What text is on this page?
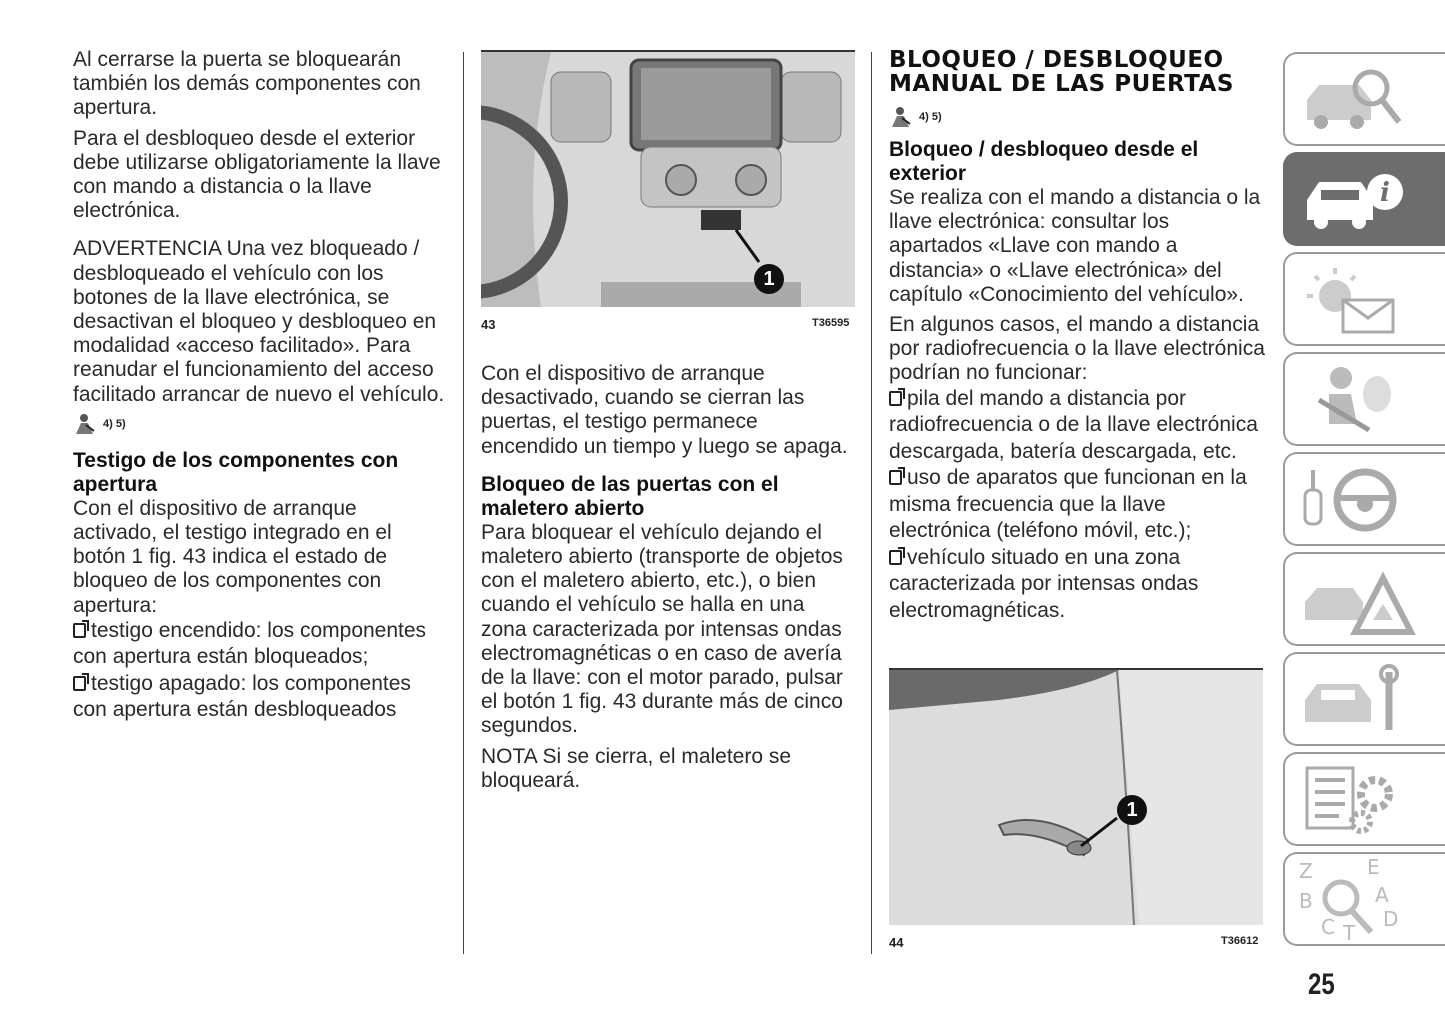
Al cerrarse la puerta se bloquearán también los demás componentes con apertura.

Para el desbloqueo desde el exterior debe utilizarse obligatoriamente la llave con mando a distancia o la llave electrónica.

ADVERTENCIA Una vez bloqueado / desbloqueado el vehículo con los botones de la llave electrónica, se desactivan el bloqueo y desbloqueo en modalidad «acceso facilitado». Para reanudar el funcionamiento del acceso facilitado arrancar de nuevo el vehículo.

4) 5)
Testigo de los componentes con apertura

Con el dispositivo de arranque activado, el testigo integrado en el botón 1 fig. 43 indica el estado de bloqueo de los componentes con apertura:

testigo encendido: los componentes con apertura están bloqueados;

testigo apagado: los componentes con apertura están desbloqueados

1
43	T36595

Con el dispositivo de arranque desactivado, cuando se cierran las puertas, el testigo permanece encendido un tiempo y luego se apaga.

Bloqueo de las puertas con el maletero abierto

Para bloquear el vehículo dejando el maletero abierto (transporte de objetos con el maletero abierto, etc.), o bien cuando el vehículo se halla en una zona caracterizada por intensas ondas electromagnéticas o en caso de avería de la llave: con el motor parado, pulsar el botón 1 fig. 43 durante más de cinco segundos.

NOTA Si se cierra, el maletero se bloqueará.

BLOQUEO / DESBLOQUEO MANUAL DE LAS PUERTAS
4) 5)
Bloqueo / desbloqueo desde el exterior

Se realiza con el mando a distancia o la llave electrónica: consultar los apartados «Llave con mando a distancia» o «Llave electrónica» del capítulo «Conocimiento del vehículo».

En algunos casos, el mando a distancia por radiofrecuencia o la llave electrónica podrían no funcionar:

pila del mando a distancia por radiofrecuencia o de la llave electrónica descargada, batería descargada, etc.

uso de aparatos que funcionan en la misma frecuencia que la llave electrónica (teléfono móvil, etc.);

vehículo situado en una zona caracterizada por intensas ondas electromagnéticas.

1
44	T36612
i
Z	E
B	A
C D
T
25
